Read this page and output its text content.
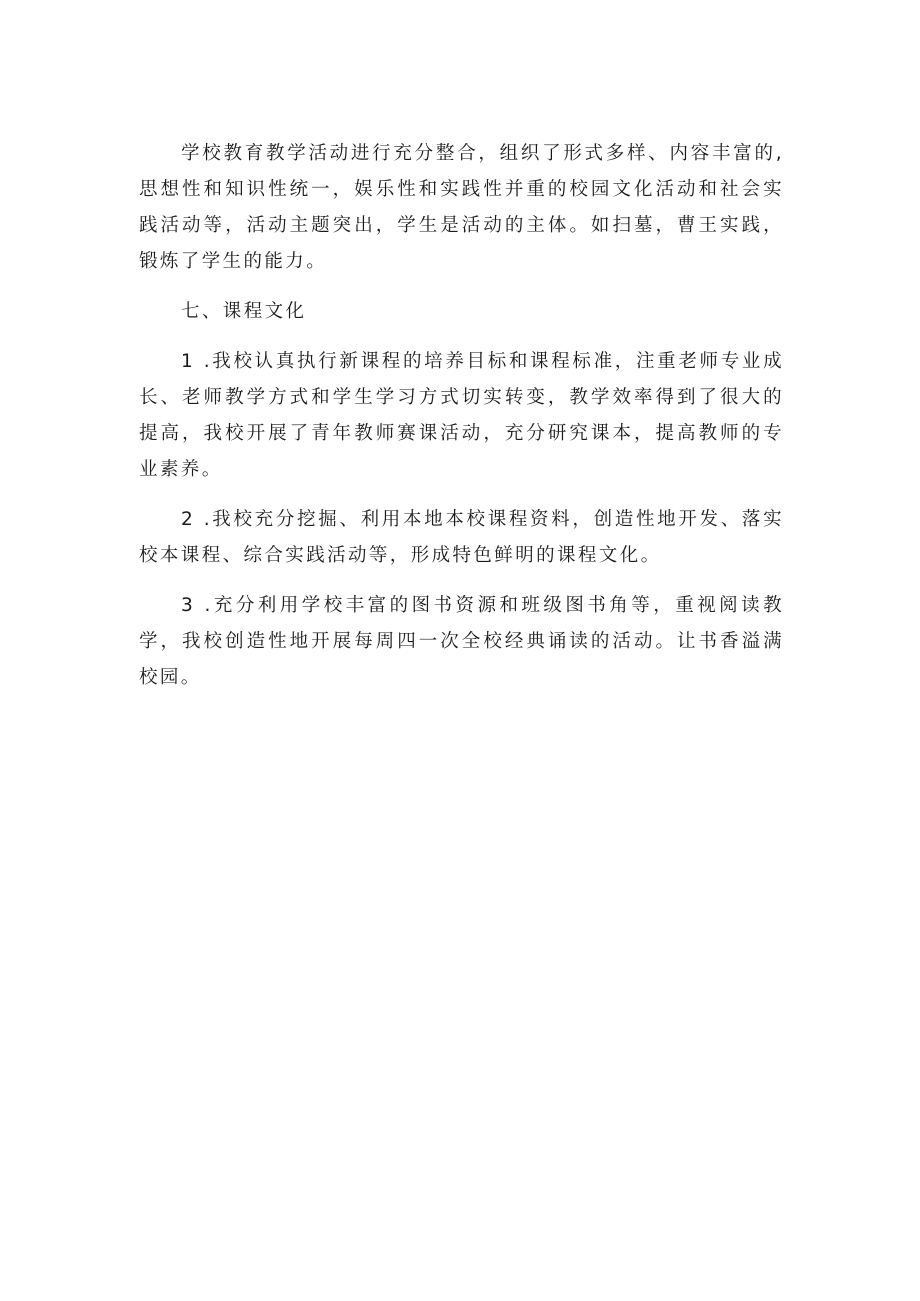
学校教育教学活动进行充分整合，组织了形式多样、内容丰富的,思想性和知识性统一，娱乐性和实践性并重的校园文化活动和社会实践活动等，活动主题突出，学生是活动的主体。如扫墓，曹王实践，锻炼了学生的能力。

七、课程文化

1 .我校认真执行新课程的培养目标和课程标准，注重老师专业成长、老师教学方式和学生学习方式切实转变，教学效率得到了很大的提高，我校开展了青年教师赛课活动，充分研究课本，提高教师的专业素养。

2 .我校充分挖掘、利用本地本校课程资料，创造性地开发、落实校本课程、综合实践活动等，形成特色鲜明的课程文化。

3 .充分利用学校丰富的图书资源和班级图书角等，重视阅读教学，我校创造性地开展每周四一次全校经典诵读的活动。让书香溢满校园。
